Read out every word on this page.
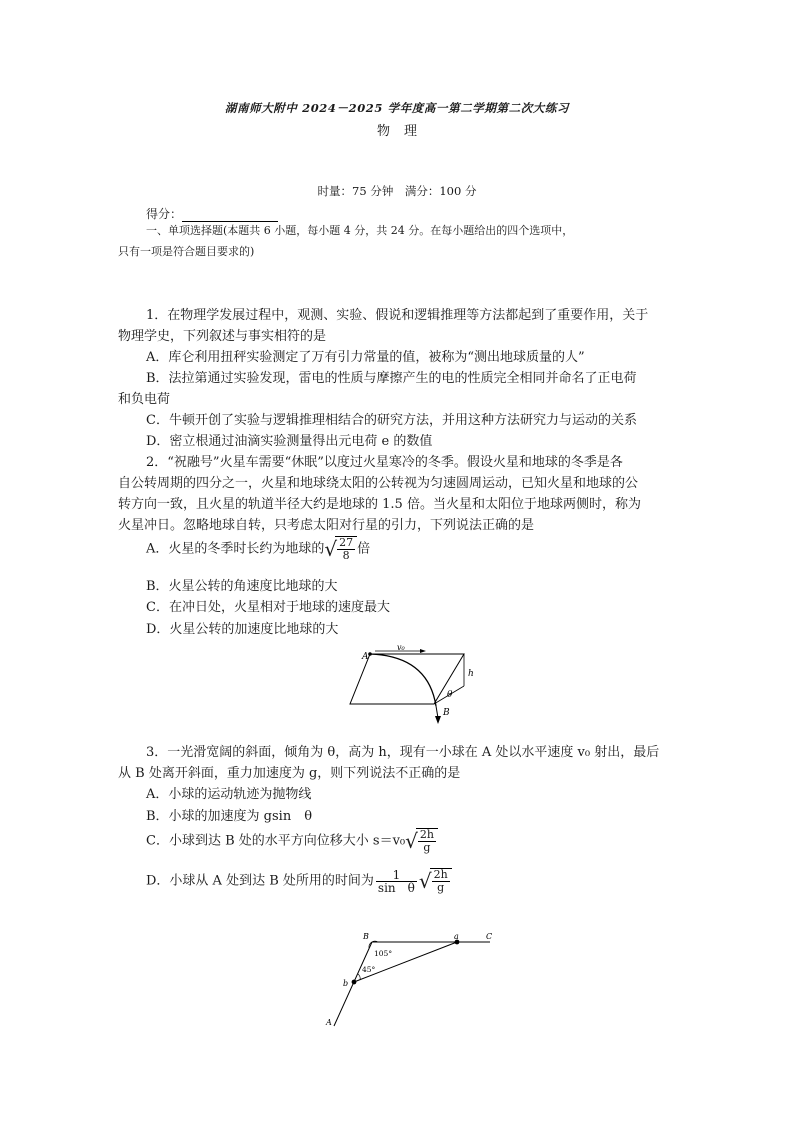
湖南师大附中 2024－2025 学年度高一第二学期第二次大练习
物理
时量：75 分钟　满分：100 分
得分：
一、单项选择题(本题共 6 小题，每小题 4 分，共 24 分。在每小题给出的四个选项中，
只有一项是符合题目要求的)
1．在物理学发展过程中，观测、实验、假说和逻辑推理等方法都起到了重要作用，关于
物理学史，下列叙述与事实相符的是
A．库仑利用扭秤实验测定了万有引力常量的值，被称为“测出地球质量的人”
B．法拉第通过实验发现，雷电的性质与摩擦产生的电的性质完全相同并命名了正电荷
和负电荷
C．牛顿开创了实验与逻辑推理相结合的研究方法，并用这种方法研究力与运动的关系
D．密立根通过油滴实验测量得出元电荷 e 的数值
2．“祝融号”火星车需要“休眠”以度过火星寒冷的冬季。假设火星和地球的冬季是各
自公转周期的四分之一，火星和地球绕太阳的公转视为匀速圆周运动，已知火星和地球的公
转方向一致，且火星的轨道半径大约是地球的 1.5 倍。当火星和太阳位于地球两侧时，称为
火星冲日。忽略地球自转，只考虑太阳对行星的引力，下列说法正确的是
A．火星的冬季时长约为地球的√ $\frac{27}{8}$ 倍
B．火星公转的角速度比地球的大
C．在冲日处，火星相对于地球的速度最大
D．火星公转的加速度比地球的大
A
v₀
h
θ
B
3．一光滑宽阔的斜面，倾角为 θ，高为 h，现有一小球在 A 处以水平速度 v₀ 射出，最后
从 B 处离开斜面，重力加速度为 g，则下列说法不正确的是
A．小球的运动轨迹为抛物线
B．小球的加速度为 gsin　θ
C．小球到达 B 处的水平方向位移大小 $s=v_0√ \frac{2h}{g}$
D．小球从 A 处到达 B 处所用的时间为 $\frac{1}{\text{sin　θ}}$ √ $\frac{2h}{g}$
B	a	C
105°
45°
b
A
